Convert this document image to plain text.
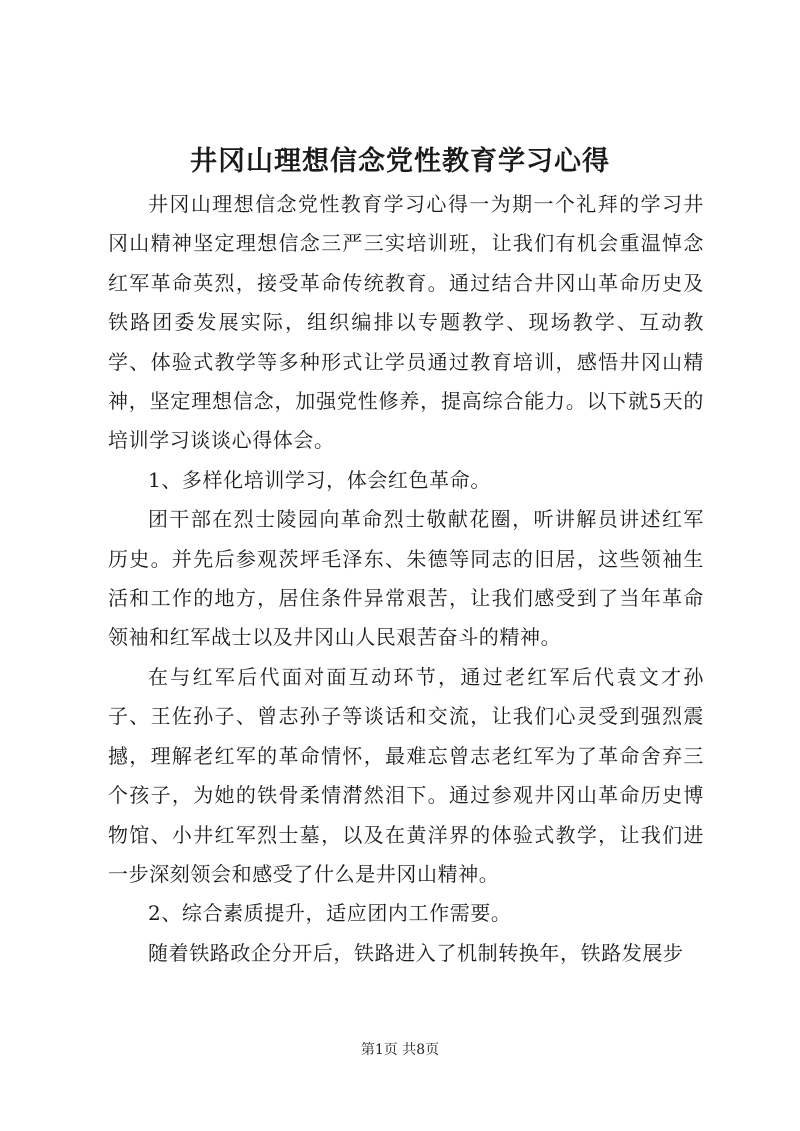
井冈山理想信念党性教育学习心得

井冈山理想信念党性教育学习心得一为期一个礼拜的学习井冈山精神坚定理想信念三严三实培训班，让我们有机会重温悼念红军革命英烈，接受革命传统教育。通过结合井冈山革命历史及铁路团委发展实际，组织编排以专题教学、现场教学、互动教学、体验式教学等多种形式让学员通过教育培训，感悟井冈山精神，坚定理想信念，加强党性修养，提高综合能力。以下就5天的培训学习谈谈心得体会。

1、多样化培训学习，体会红色革命。

团干部在烈士陵园向革命烈士敬献花圈，听讲解员讲述红军历史。并先后参观茨坪毛泽东、朱德等同志的旧居，这些领袖生活和工作的地方，居住条件异常艰苦，让我们感受到了当年革命领袖和红军战士以及井冈山人民艰苦奋斗的精神。

在与红军后代面对面互动环节，通过老红军后代袁文才孙子、王佐孙子、曾志孙子等谈话和交流，让我们心灵受到强烈震撼，理解老红军的革命情怀，最难忘曾志老红军为了革命舍弃三个孩子，为她的铁骨柔情潸然泪下。通过参观井冈山革命历史博物馆、小井红军烈士墓，以及在黄洋界的体验式教学，让我们进一步深刻领会和感受了什么是井冈山精神。

2、综合素质提升，适应团内工作需要。

随着铁路政企分开后，铁路进入了机制转换年，铁路发展步

第1页 共8页
